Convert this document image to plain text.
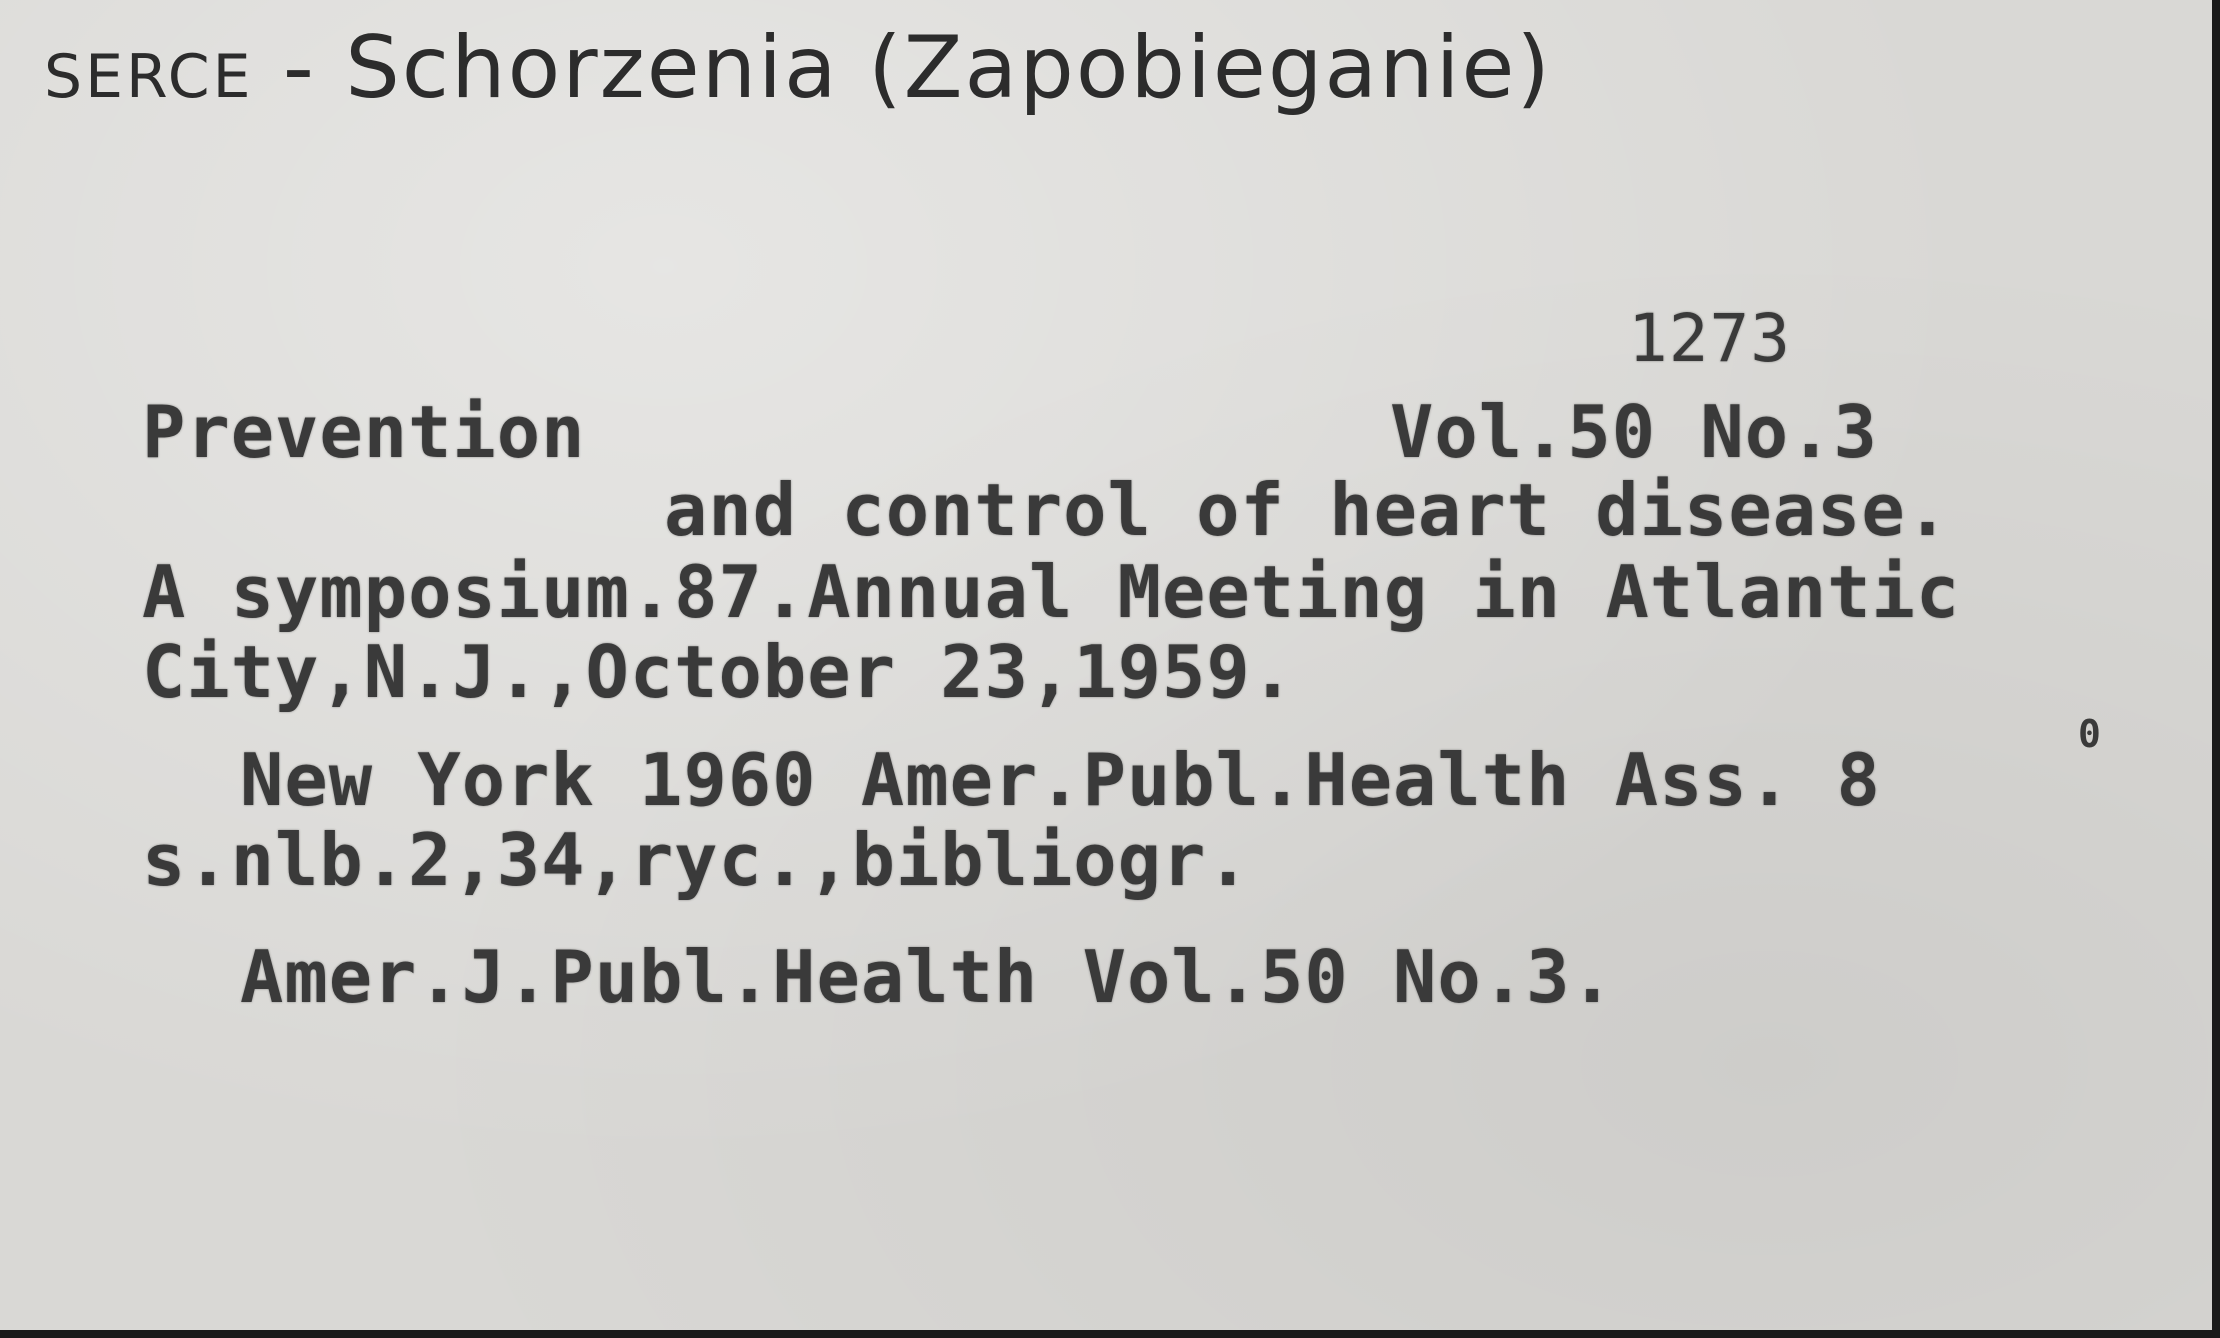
SERCE - Schorzenia (Zapobieganie)
1273
Prevention	Vol.50 No.3
and control of heart disease.
A symposium.87.Annual Meeting in Atlantic
City,N.J.,October 23,1959.
New York 1960 Amer.Publ.Health Ass. 8
0
s.nlb.2,34,ryc.,bibliogr.
Amer.J.Publ.Health Vol.50 No.3.
